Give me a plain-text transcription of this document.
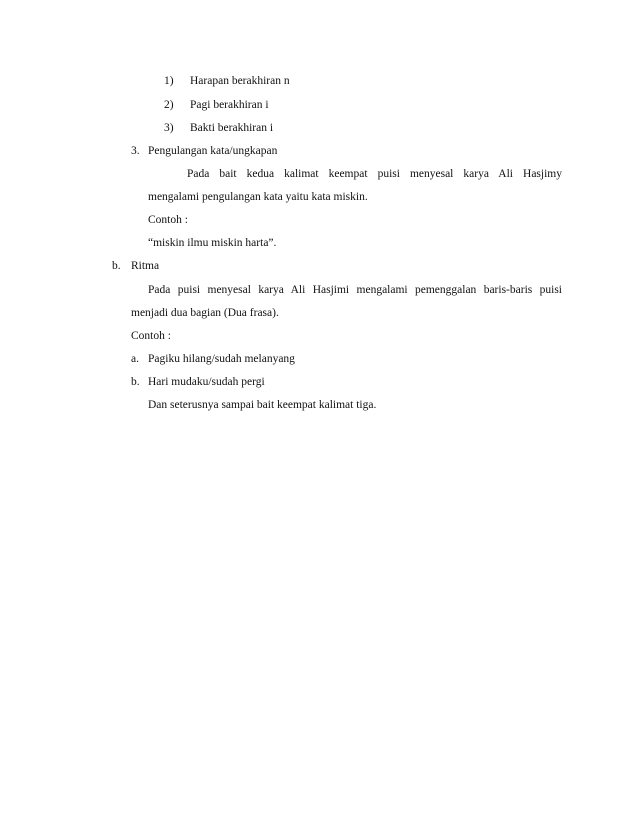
1) Harapan berakhiran n
2) Pagi berakhiran i
3) Bakti berakhiran i
3. Pengulangan kata/ungkapan
Pada bait kedua kalimat keempat puisi menyesal karya Ali Hasjimy
mengalami pengulangan kata yaitu kata miskin.
Contoh :
“miskin ilmu miskin harta”.
b. Ritma
Pada puisi menyesal karya Ali Hasjimi mengalami pemenggalan baris-baris puisi
menjadi dua bagian (Dua frasa).
Contoh :
a. Pagiku hilang/sudah melanyang
b. Hari mudaku/sudah pergi
Dan seterusnya sampai bait keempat kalimat tiga.
